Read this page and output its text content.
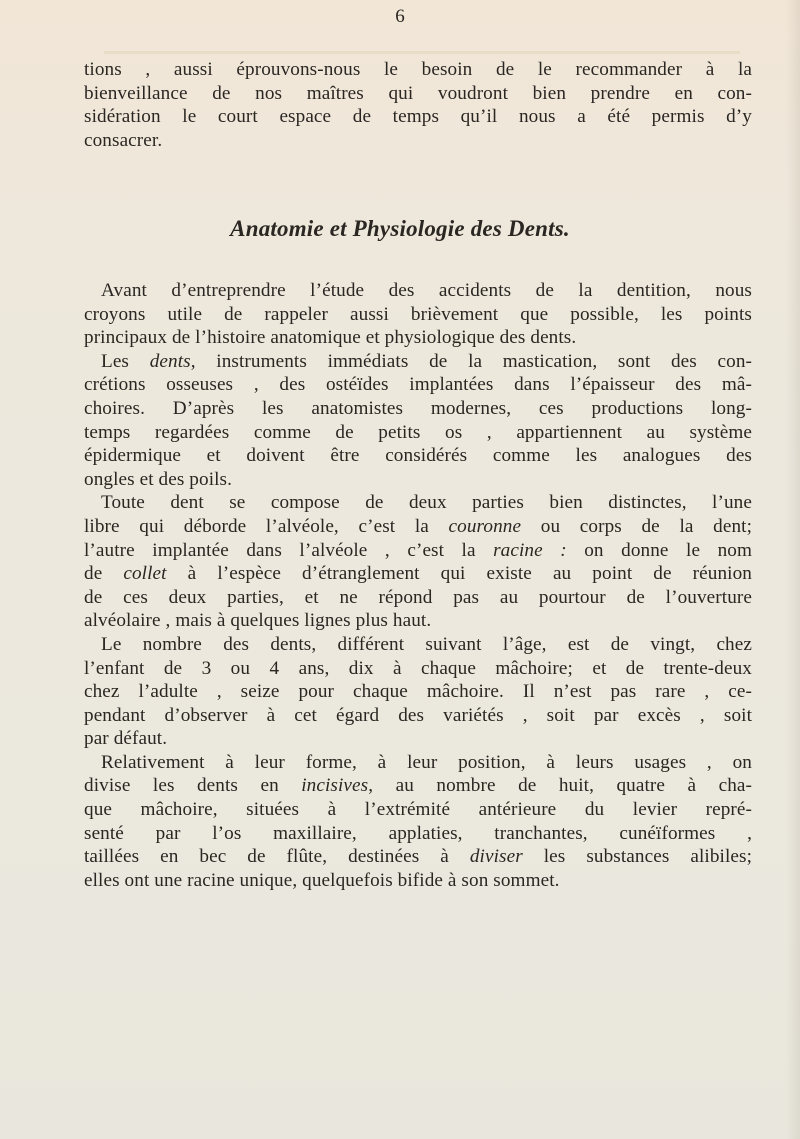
6
tions , aussi éprouvons-nous le besoin de le recommander à la
bienveillance de nos maîtres qui voudront bien prendre en con-
sidération le court espace de temps qu’il nous a été permis d’y
consacrer.
Anatomie et Physiologie des Dents.
Avant d’entreprendre l’étude des accidents de la dentition, nous
croyons utile de rappeler aussi brièvement que possible, les points
principaux de l’histoire anatomique et physiologique des dents.
Les dents, instruments immédiats de la mastication, sont des con-
crétions osseuses , des ostéïdes implantées dans l’épaisseur des mâ-
choires. D’après les anatomistes modernes, ces productions long-
temps regardées comme de petits os , appartiennent au système
épidermique et doivent être considérés comme les analogues des
ongles et des poils.
Toute dent se compose de deux parties bien distinctes, l’une
libre qui déborde l’alvéole, c’est la couronne ou corps de la dent;
l’autre implantée dans l’alvéole , c’est la racine : on donne le nom
de collet à l’espèce d’étranglement qui existe au point de réunion
de ces deux parties, et ne répond pas au pourtour de l’ouverture
alvéolaire , mais à quelques lignes plus haut.
Le nombre des dents, différent suivant l’âge, est de vingt, chez
l’enfant de 3 ou 4 ans, dix à chaque mâchoire; et de trente-deux
chez l’adulte , seize pour chaque mâchoire. Il n’est pas rare , ce-
pendant d’observer à cet égard des variétés , soit par excès , soit
par défaut.
Relativement à leur forme, à leur position, à leurs usages , on
divise les dents en incisives, au nombre de huit, quatre à cha-
que mâchoire, situées à l’extrémité antérieure du levier repré-
senté par l’os maxillaire, applaties, tranchantes, cunéïformes ,
taillées en bec de flûte, destinées à diviser les substances alibiles;
elles ont une racine unique, quelquefois bifide à son sommet.
